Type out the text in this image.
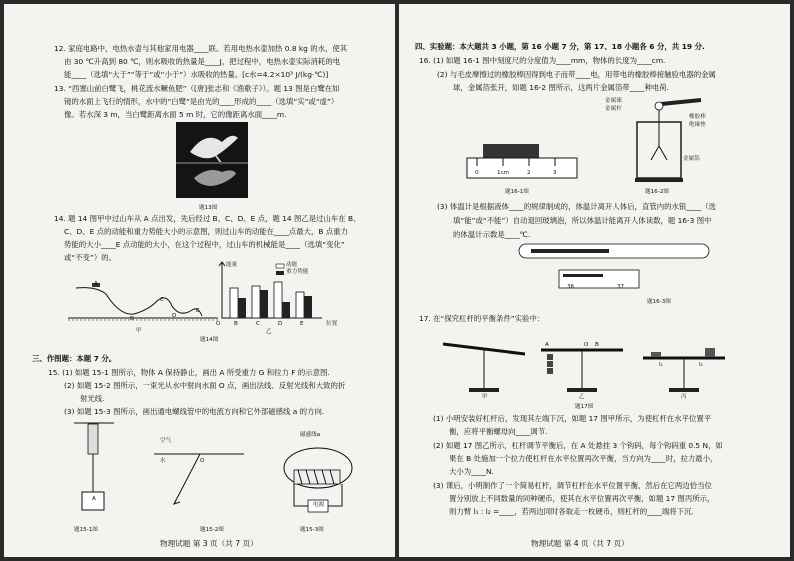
12. 家庭电路中，电热水壶与其他家用电器____联。若用电热水壶加热 0.8 kg 的水，使其
由 30 ℃升高到 80 ℃，则水吸收的热量是____J，把过程中，电热水壶实际消耗的电
能____（选填“大于”“等于”或“小于”）水吸收的热量。[c水=4.2×10³ J/(kg·℃)]
13. “西塞山前白鹭飞，桃花流水鳜鱼肥”（[唐]张志和《渔歌子》）。题 13 图是白鹭在如
镜的水面上飞行的情形，水中的“白鹭”是由光的____形成的____（选填“实”或“虚”）
像。若水深 3 m，当白鹭距离水面 5 m 时，它的像距离水面____m.
题13图
14. 题 14 图甲中过山车从 A 点出发，先后经过 B、C、D、E 点，题 14 图乙是过山车在 B、
C、D、E 点的动能和重力势能大小的示意图，则过山车的动能在____点最大，B 点重力
势能的大小____E 点动能的大小，在这个过程中，过山车的机械能是____（选填“变化”
或“不变”）的。
A
B
C
D
E
甲
能量	动能
重力势能
O B	C	D	E	位置
乙
题14图
三、作图题：本题 7 分。
15. (1) 如题 15-1 图所示，物体 A 保持静止，画出 A 所受重力 G 和拉力 F 的示意图.
(2) 如题 15-2 图所示，一束光从水中射向水面 O 点，画出法线、反射光线和大致的折
射光线.
(3) 如题 15-3 图所示，画出通电螺线管中的电流方向和它外部磁感线 a 的方向.
A
题15-1图
空气
水	O
题15-2图
磁感线a
电源
题15-3图
物理试题 第 3 页（共 7 页）
四、实验题：本大题共 3 小题，第 16 小题 7 分，第 17、18 小题各 6 分，共 19 分.
16. (1) 如题 16-1 图中刻度尺的分度值为____mm，物体的长度为____cm.
(2) 与毛皮摩擦过的橡胶棒因得到电子而带____电，用带电的橡胶棒接触验电器的金属
球，金属箔张开，如题 16-2 图所示，这两片金属箔带____种电荷.
0	1cm	2	3
题16-1图
金属球
金属杆
橡胶棒
绝缘垫
金属箔
题16-2图
(3) 体温计是根据液体____的规律制成的，体温计离开人体后，直管内的水银____（选
填“能”或“不能”）自动退回玻璃泡，所以体温计能离开人体读数，题 16-3 图中
的体温计示数是____℃.
36	37
题16-3图
17. 在“探究杠杆的平衡条件”实验中：
甲
A	B
O
乙
l₁	l₂
丙
题17图
(1) 小明安装好杠杆后，发现其左端下沉，如题 17 图甲所示，为使杠杆在水平位置平
衡，应将平衡螺母向____调节.
(2) 如题 17 图乙所示，杠杆调节平衡后，在 A 处悬挂 3 个钩码，每个钩码重 0.5 N，如
果在 B 处施加一个拉力使杠杆在水平位置再次平衡，当方向为____时，拉力最小，
大小为____N.
(3) 课后，小明制作了一个简易杠杆，调节杠杆在水平位置平衡，然后在它两边恰当位
置分别放上不同数量的同种硬币，使其在水平位置再次平衡，如题 17 图丙所示，
则力臂 l₁ : l₂ =____，若两边同时各取走一枚硬币，则杠杆的____端将下沉.
物理试题 第 4 页（共 7 页）
